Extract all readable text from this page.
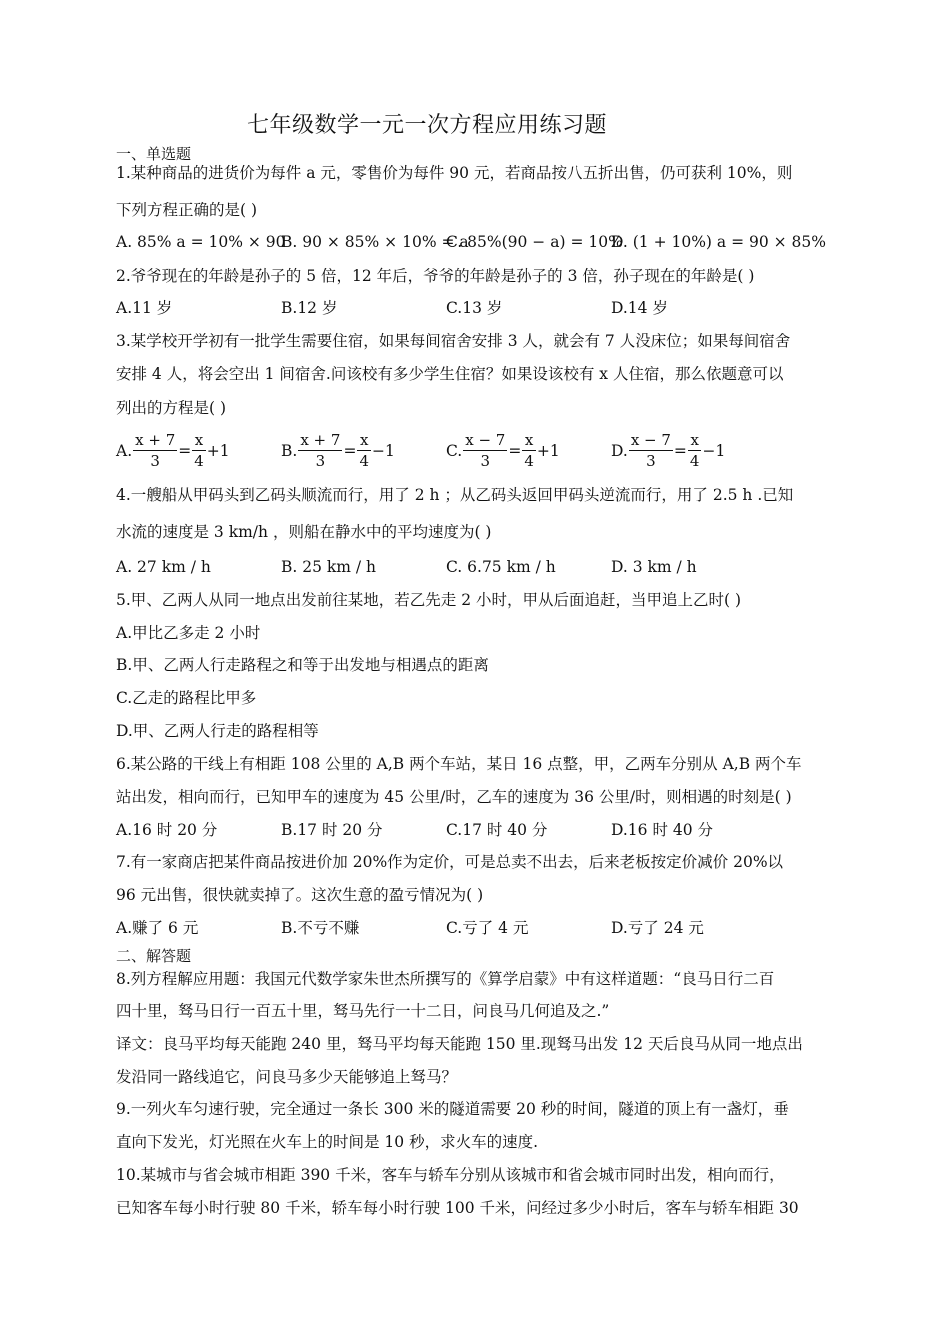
七年级数学一元一次方程应用练习题
一、单选题
1.某种商品的进货价为每件 a 元，零售价为每件 90 元，若商品按八五折出售，仍可获利 10%，则
下列方程正确的是( )
A. 85% a = 10% × 90
B. 90 × 85% × 10% = a
C. 85%(90 − a) = 10%
D. (1 + 10%) a = 90 × 85%
2.爷爷现在的年龄是孙子的 5 倍，12 年后，爷爷的年龄是孙子的 3 倍，孙子现在的年龄是( )
A.11 岁	B.12 岁	C.13 岁	D.14 岁
3.某学校开学初有一批学生需要住宿，如果每间宿舍安排 3 人，就会有 7 人没床位；如果每间宿舍
安排 4 人，将会空出 1 间宿舍.问该校有多少学生住宿？如果设该校有 x 人住宿，那么依题意可以
列出的方程是( )
A. $\frac{x + 7}{3} = \frac{x}{4} +1$	B. $\frac{x + 7}{3} = \frac{x}{4} -1$	C. $\frac{x - 7}{3} = \frac{x}{4} +1$	D. $\frac{x - 7}{3} = \frac{x}{4} -1$
4.一艘船从甲码头到乙码头顺流而行，用了 2 h ；从乙码头返回甲码头逆流而行，用了 2.5 h .已知
水流的速度是 3 km/h ，则船在静水中的平均速度为( )
A. 27 km / h	B. 25 km / h	C. 6.75 km / h	D. 3 km / h
5.甲、乙两人从同一地点出发前往某地，若乙先走 2 小时，甲从后面追赶，当甲追上乙时( )
A.甲比乙多走 2 小时
B.甲、乙两人行走路程之和等于出发地与相遇点的距离
C.乙走的路程比甲多
D.甲、乙两人行走的路程相等
6.某公路的干线上有相距 108 公里的 A,B 两个车站，某日 16 点整，甲，乙两车分别从 A,B 两个车
站出发，相向而行，已知甲车的速度为 45 公里/时，乙车的速度为 36 公里/时，则相遇的时刻是( )
A.16 时 20 分	B.17 时 20 分	C.17 时 40 分	D.16 时 40 分
7.有一家商店把某件商品按进价加 20%作为定价，可是总卖不出去，后来老板按定价减价 20%以
96 元出售，很快就卖掉了。这次生意的盈亏情况为( )
A.赚了 6 元	B.不亏不赚	C.亏了 4 元	D.亏了 24 元
二、解答题
8.列方程解应用题：我国元代数学家朱世杰所撰写的《算学启蒙》中有这样道题：“良马日行二百
四十里，驽马日行一百五十里，驽马先行一十二日，问良马几何追及之.”
译文：良马平均每天能跑 240 里，驽马平均每天能跑 150 里.现驽马出发 12 天后良马从同一地点出
发沿同一路线追它，问良马多少天能够追上驽马？
9.一列火车匀速行驶，完全通过一条长 300 米的隧道需要 20 秒的时间，隧道的顶上有一盏灯，垂
直向下发光，灯光照在火车上的时间是 10 秒，求火车的速度.
10.某城市与省会城市相距 390 千米，客车与轿车分别从该城市和省会城市同时出发，相向而行，
已知客车每小时行驶 80 千米，轿车每小时行驶 100 千米，问经过多少小时后，客车与轿车相距 30
